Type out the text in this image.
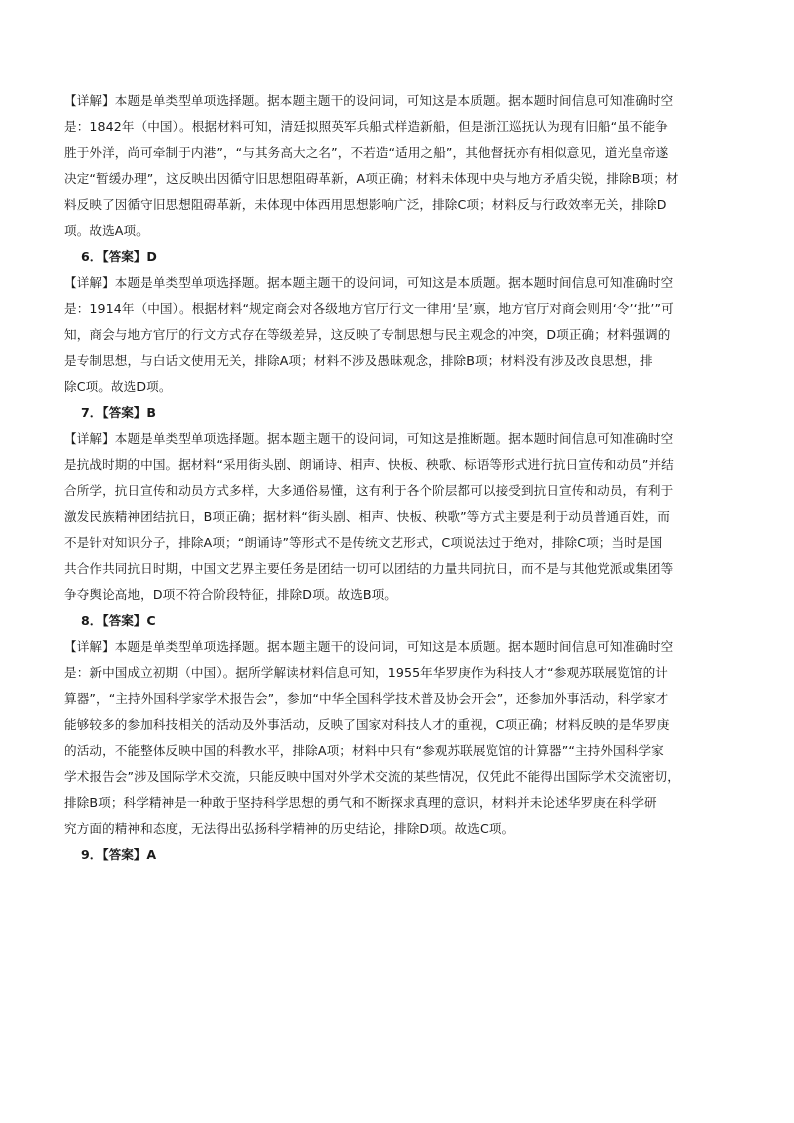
【详解】本题是单类型单项选择题。据本题主题干的设问词，可知这是本质题。据本题时间信息可知准确时空
是：1842年（中国）。根据材料可知，清廷拟照英军兵船式样造新船，但是浙江巡抚认为现有旧船“虽不能争
胜于外洋，尚可牵制于内港”，“与其务高大之名”，不若造“适用之船”，其他督抚亦有相似意见，道光皇帝遂
决定“暂缓办理”，这反映出因循守旧思想阻碍革新，A项正确；材料未体现中央与地方矛盾尖锐，排除B项；材
料反映了因循守旧思想阻碍革新，未体现中体西用思想影响广泛，排除C项；材料反与行政效率无关，排除D
项。故选A项。
6．【答案】D
【详解】本题是单类型单项选择题。据本题主题干的设问词，可知这是本质题。据本题时间信息可知准确时空
是：1914年（中国）。根据材料“规定商会对各级地方官厅行文一律用‘呈’禀，地方官厅对商会则用‘令’‘批’”可
知，商会与地方官厅的行文方式存在等级差异，这反映了专制思想与民主观念的冲突，D项正确；材料强调的
是专制思想，与白话文使用无关，排除A项；材料不涉及愚昧观念，排除B项；材料没有涉及改良思想，排
除C项。故选D项。
7．【答案】B
【详解】本题是单类型单项选择题。据本题主题干的设问词，可知这是推断题。据本题时间信息可知准确时空
是抗战时期的中国。据材料“采用街头剧、朗诵诗、相声、快板、秧歌、标语等形式进行抗日宣传和动员”并结
合所学，抗日宣传和动员方式多样，大多通俗易懂，这有利于各个阶层都可以接受到抗日宣传和动员，有利于
激发民族精神团结抗日，B项正确；据材料“街头剧、相声、快板、秧歌”等方式主要是利于动员普通百姓，而
不是针对知识分子，排除A项；“朗诵诗”等形式不是传统文艺形式，C项说法过于绝对，排除C项；当时是国
共合作共同抗日时期，中国文艺界主要任务是团结一切可以团结的力量共同抗日，而不是与其他党派或集团等
争夺舆论高地，D项不符合阶段特征，排除D项。故选B项。
8．【答案】C
【详解】本题是单类型单项选择题。据本题主题干的设问词，可知这是本质题。据本题时间信息可知准确时空
是：新中国成立初期（中国）。据所学解读材料信息可知，1955年华罗庚作为科技人才“参观苏联展览馆的计
算器”，“主持外国科学家学术报告会”，参加“中华全国科学技术普及协会开会”，还参加外事活动，科学家才
能够较多的参加科技相关的活动及外事活动，反映了国家对科技人才的重视，C项正确；材料反映的是华罗庚
的活动，不能整体反映中国的科教水平，排除A项；材料中只有“参观苏联展览馆的计算器”“主持外国科学家
学术报告会”涉及国际学术交流，只能反映中国对外学术交流的某些情况，仅凭此不能得出国际学术交流密切，
排除B项；科学精神是一种敢于坚持科学思想的勇气和不断探求真理的意识，材料并未论述华罗庚在科学研
究方面的精神和态度，无法得出弘扬科学精神的历史结论，排除D项。故选C项。
9．【答案】A
